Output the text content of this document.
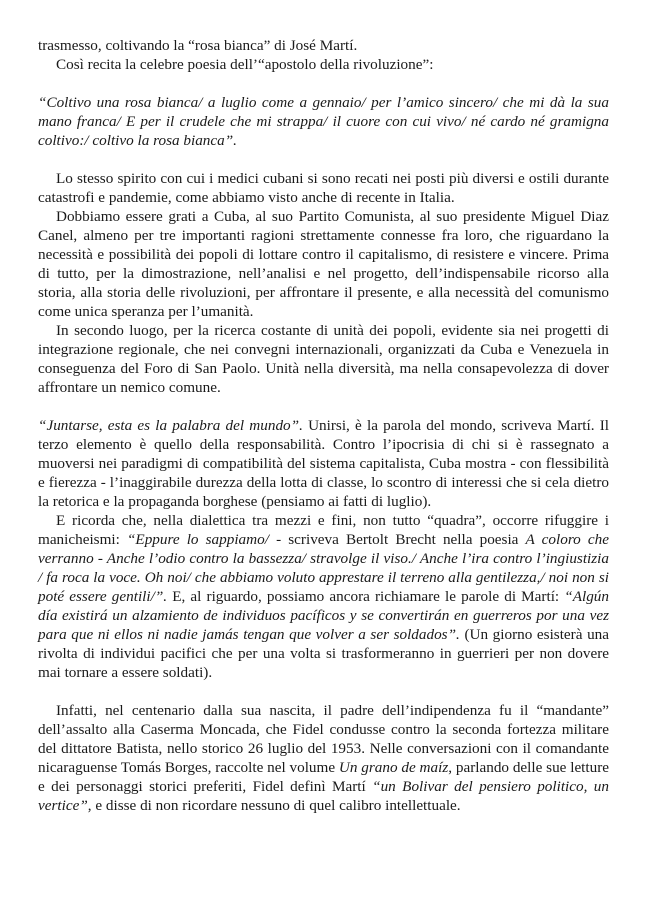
trasmesso, coltivando la “rosa bianca” di José Martí.

Così recita la celebre poesia dell’“apostolo della rivoluzione”:

“Coltivo una rosa bianca/ a luglio come a gennaio/ per l’amico sincero/ che mi dà la sua mano franca/ E per il crudele che mi strappa/ il cuore con cui vivo/ né cardo né gramigna coltivo:/ coltivo la rosa bianca”.

Lo stesso spirito con cui i medici cubani si sono recati nei posti più diversi e ostili durante catastrofi e pandemie, come abbiamo visto anche di recente in Italia.

Dobbiamo essere grati a Cuba, al suo Partito Comunista, al suo presidente Miguel Diaz Canel, almeno per tre importanti ragioni strettamente connesse fra loro, che riguardano la necessità e possibilità dei popoli di lottare contro il capitalismo, di resistere e vincere. Prima di tutto, per la dimostrazione, nell’analisi e nel progetto, dell’indispensabile ricorso alla storia, alla storia delle rivoluzioni, per affrontare il presente, e alla necessità del comunismo come unica speranza per l’umanità.

In secondo luogo, per la ricerca costante di unità dei popoli, evidente sia nei progetti di integrazione regionale, che nei convegni internazionali, organizzati da Cuba e Venezuela in conseguenza del Foro di San Paolo. Unità nella diversità, ma nella consapevolezza di dover affrontare un nemico comune.

“Juntarse, esta es la palabra del mundo”. Unirsi, è la parola del mondo, scriveva Martí. Il terzo elemento è quello della responsabilità. Contro l’ipocrisia di chi si è rassegnato a muoversi nei paradigmi di compatibilità del sistema capitalista, Cuba mostra - con flessibilità e fierezza - l’inaggirabile durezza della lotta di classe, lo scontro di interessi che si cela dietro la retorica e la propaganda borghese (pensiamo ai fatti di luglio).

E ricorda che, nella dialettica tra mezzi e fini, non tutto “quadra”, occorre rifuggire i manicheismi: “Eppure lo sappiamo/ - scriveva Bertolt Brecht nella poesia A coloro che verranno - Anche l’odio contro la bassezza/ stravolge il viso./ Anche l’ira contro l’ingiustizia / fa roca la voce. Oh noi/ che abbiamo voluto apprestare il terreno alla gentilezza,/ noi non si poté essere gentili/”. E, al riguardo, possiamo ancora richiamare le parole di Martí: “Algún día existirá un alzamiento de individuos pacíficos y se convertirán en guerreros por una vez para que ni ellos ni nadie jamás tengan que volver a ser soldados”. (Un giorno esisterà una rivolta di individui pacifici che per una volta si trasformeranno in guerrieri per non dovere mai tornare a essere soldati).

Infatti, nel centenario dalla sua nascita, il padre dell’indipendenza fu il “mandante” dell’assalto alla Caserma Moncada, che Fidel condusse contro la seconda fortezza militare del dittatore Batista, nello storico 26 luglio del 1953. Nelle conversazioni con il comandante nicaraguense Tomás Borges, raccolte nel volume Un grano de maíz, parlando delle sue letture e dei personaggi storici preferiti, Fidel definì Martí “un Bolivar del pensiero politico, un vertice”, e disse di non ricordare nessuno di quel calibro intellettuale.
